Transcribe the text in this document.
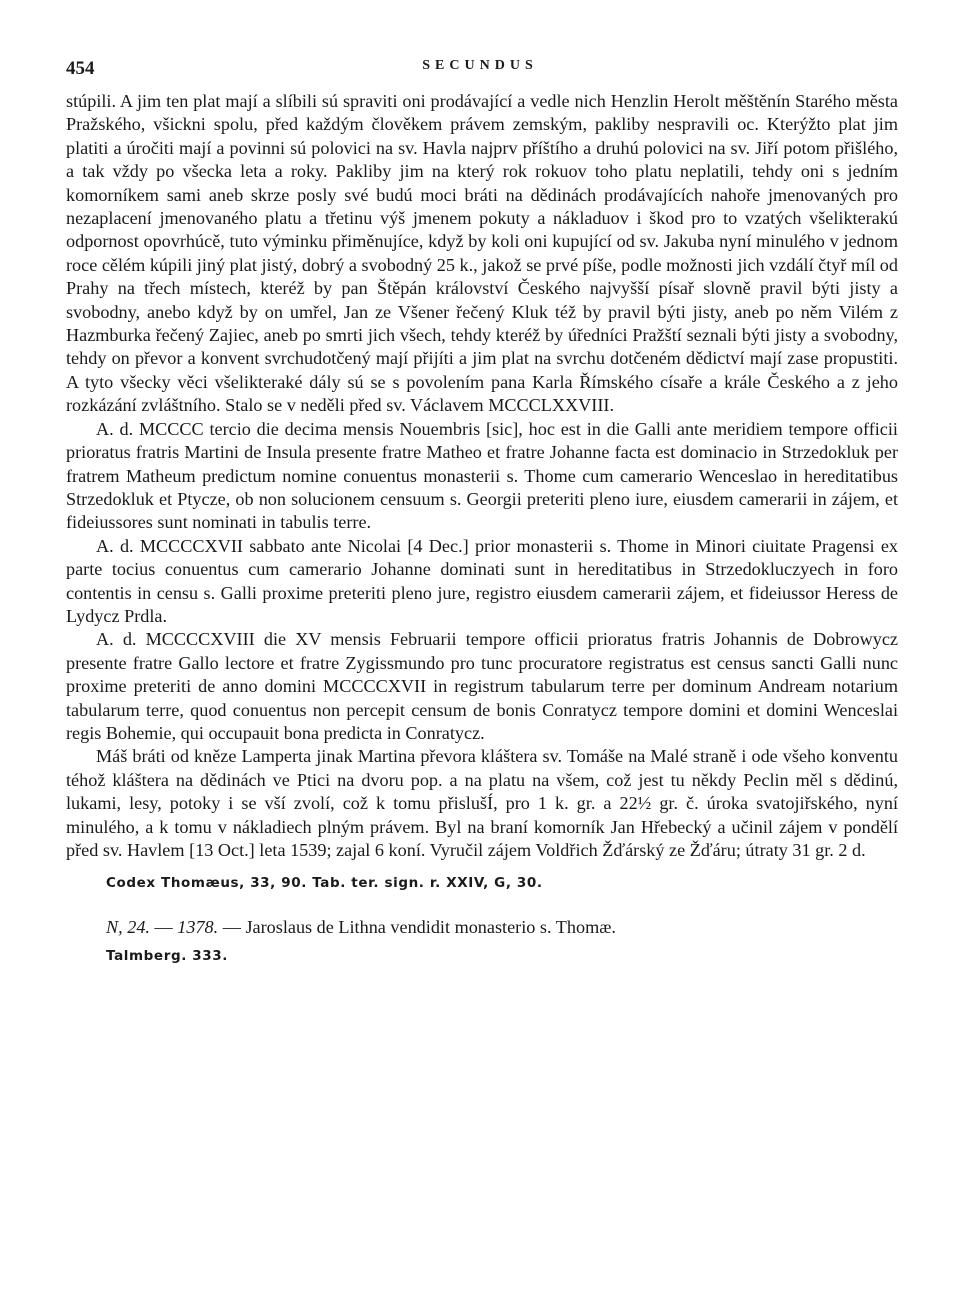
454	SECUNDUS

stúpili. A jim ten plat mají a slíbili sú spraviti oni prodávající a vedle nich Henzlin Herolt měštěnín Starého města Pražského, všickni spolu, před každým člověkem právem zemským, pakliby nespravili oc. Kterýžto plat jim platiti a úročiti mají a povinni sú polovici na sv. Havla najprv příštího a druhú polovici na sv. Jiří potom přišlého, a tak vždy po všecka leta a roky. Pakliby jim na který rok rokuov toho platu neplatili, tehdy oni s jedním komorníkem sami aneb skrze posly své budú moci bráti na dědinách prodávajících nahoře jmenovaných pro nezaplacení jmenovaného platu a třetinu výš jmenem pokuty a nákladuov i škod pro to vzatých všelikterakú odpornost opovrhúcě, tuto výminku přiměnujíce, když by koli oni kupující od sv. Jakuba nyní minulého v jednom roce cělém kúpili jiný plat jistý, dobrý a svobodný 25 k., jakož se prvé píše, podle možnosti jich vzdálí čtyř míl od Prahy na třech místech, kteréž by pan Štěpán království Českého najvyšší písař slovně pravil býti jisty a svobodny, anebo když by on umřel, Jan ze Všener řečený Kluk též by pravil býti jisty, aneb po něm Vilém z Hazmburka řečený Zajiec, aneb po smrti jich všech, tehdy kteréž by úředníci Pražští seznali býti jisty a svobodny, tehdy on převor a konvent svrchudotčený mají přijíti a jim plat na svrchu dotčeném dědictví mají zase propustiti. A tyto všecky věci všelikteraké dály sú se s povolením pana Karla Římského císaře a krále Českého a z jeho rozkázání zvláštního. Stalo se v neděli před sv. Václavem MCCCLXXVIII.

A. d. MCCCC tercio die decima mensis Nouembris [sic], hoc est in die Galli ante meridiem tempore officii prioratus fratris Martini de Insula presente fratre Matheo et fratre Johanne facta est dominacio in Strzedokluk per fratrem Matheum predictum nomine conuentus monasterii s. Thome cum camerario Wenceslao in hereditatibus Strzedokluk et Ptycze, ob non solucionem censuum s. Georgii preteriti pleno iure, eiusdem camerarii in zájem, et fideiussores sunt nominati in tabulis terre.

A. d. MCCCCXVII sabbato ante Nicolai [4 Dec.] prior monasterii s. Thome in Minori ciuitate Pragensi ex parte tocius conuentus cum camerario Johanne dominati sunt in hereditatibus in Strzedokluczyech in foro contentis in censu s. Galli proxime preteriti pleno jure, registro eiusdem camerarii zájem, et fideiussor Heress de Lydycz Prdla.

A. d. MCCCCXVIII die XV mensis Februarii tempore officii prioratus fratris Johannis de Dobrowycz presente fratre Gallo lectore et fratre Zygissmundo pro tunc procuratore registratus est census sancti Galli nunc proxime preteriti de anno domini MCCCCXVII in registrum tabularum terre per dominum Andream notarium tabularum terre, quod conuentus non percepit censum de bonis Conratycz tempore domini et domini Wenceslai regis Bohemie, qui occupauit bona predicta in Conratycz.

Máš bráti od kněze Lamperta jinak Martina převora kláštera sv. Tomáše na Malé straně i ode všeho konventu téhož kláštera na dědinách ve Ptici na dvoru pop. a na platu na všem, což jest tu někdy Peclin měl s dědinú, lukami, lesy, potoky i se vší zvolí, což k tomu přislušÍ, pro 1 k. gr. a 22½ gr. č. úroka svatojiřského, nyní minulého, a k tomu v nákladiech plným právem. Byl na braní komorník Jan Hřebecký a učinil zájem v pondělí před sv. Havlem [13 Oct.] leta 1539; zajal 6 koní. Vyručil zájem Voldřich Žďárský ze Žďáru; útraty 31 gr. 2 d.

Codex Thomæus, 33, 90. Tab. ter. sign. r. XXIV, G, 30.

N, 24. — 1378. — Jaroslaus de Lithna vendidit monasterio s. Thomæ.

Talmberg. 333.
